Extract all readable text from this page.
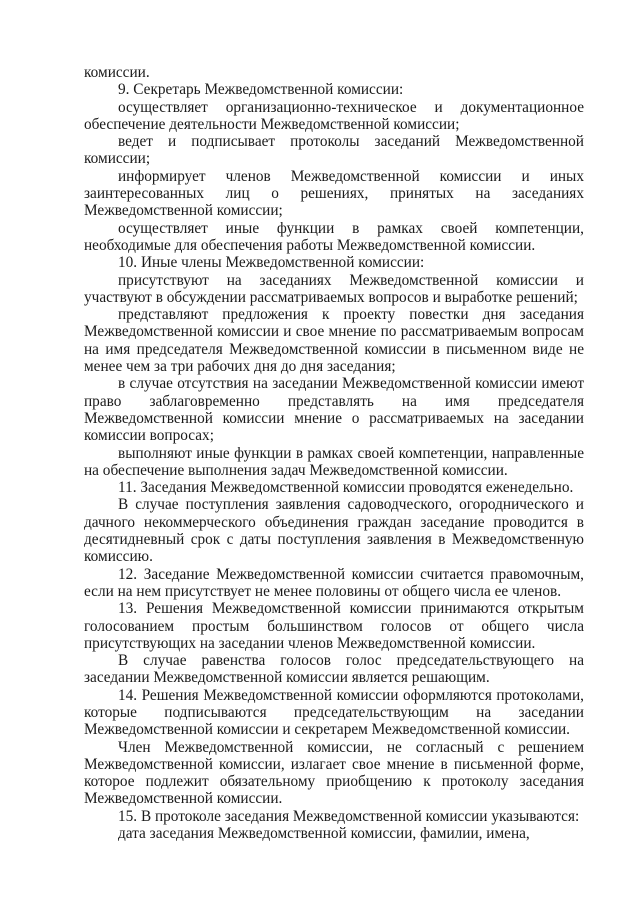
комиссии.

9. Секретарь Межведомственной комиссии:

осуществляет организационно-техническое и документационное обеспечение деятельности Межведомственной комиссии;

ведет и подписывает протоколы заседаний Межведомственной комиссии;

информирует членов Межведомственной комиссии и иных заинтересованных лиц о решениях, принятых на заседаниях Межведомственной комиссии;

осуществляет иные функции в рамках своей компетенции, необходимые для обеспечения работы Межведомственной комиссии.

10. Иные члены Межведомственной комиссии:

присутствуют на заседаниях Межведомственной комиссии и участвуют в обсуждении рассматриваемых вопросов и выработке решений;

представляют предложения к проекту повестки дня заседания Межведомственной комиссии и свое мнение по рассматриваемым вопросам на имя председателя Межведомственной комиссии в письменном виде не менее чем за три рабочих дня до дня заседания;

в случае отсутствия на заседании Межведомственной комиссии имеют право заблаговременно представлять на имя председателя Межведомственной комиссии мнение о рассматриваемых на заседании комиссии вопросах;

выполняют иные функции в рамках своей компетенции, направленные на обеспечение выполнения задач Межведомственной комиссии.

11. Заседания Межведомственной комиссии проводятся еженедельно.

В случае поступления заявления садоводческого, огороднического и дачного некоммерческого объединения граждан заседание проводится в десятидневный срок с даты поступления заявления в Межведомственную комиссию.

12. Заседание Межведомственной комиссии считается правомочным, если на нем присутствует не менее половины от общего числа ее членов.

13. Решения Межведомственной комиссии принимаются открытым голосованием простым большинством голосов от общего числа присутствующих на заседании членов Межведомственной комиссии.

В случае равенства голосов голос председательствующего на заседании Межведомственной комиссии является решающим.

14. Решения Межведомственной комиссии оформляются протоколами, которые подписываются председательствующим на заседании Межведомственной комиссии и секретарем Межведомственной комиссии.

Член Межведомственной комиссии, не согласный с решением Межведомственной комиссии, излагает свое мнение в письменной форме, которое подлежит обязательному приобщению к протоколу заседания Межведомственной комиссии.

15. В протоколе заседания Межведомственной комиссии указываются:

дата заседания Межведомственной комиссии, фамилии, имена,
